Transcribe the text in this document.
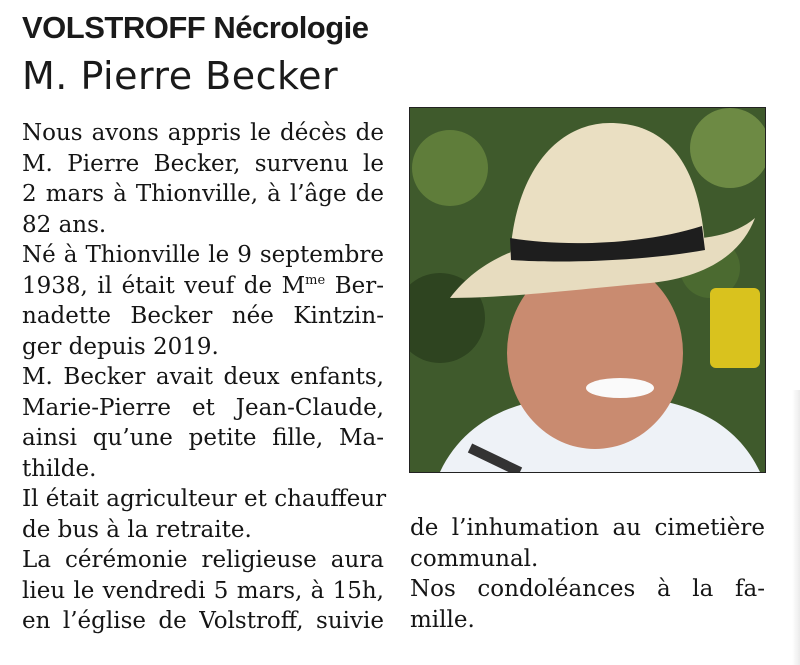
VOLSTROFF Nécrologie
M. Pierre Becker

Nous avons appris le décès de
M. Pierre Becker, survenu le
2 mars à Thionville, à l’âge de
82 ans.

Né à Thionville le 9 septembre
1938, il était veuf de $M^{me}$ Ber-
nadette Becker née Kintzin-
ger depuis 2019.

M. Becker avait deux enfants,
Marie-Pierre et Jean-Claude,
ainsi qu’une petite fille, Ma-
thilde.

Il était agriculteur et chauffeur
de bus à la retraite.

La cérémonie religieuse aura
lieu le vendredi 5 mars, à 15h,
en l’église de Volstroff, suivie

de l’inhumation au cimetière
communal.

Nos condoléances à la fa-
mille.
